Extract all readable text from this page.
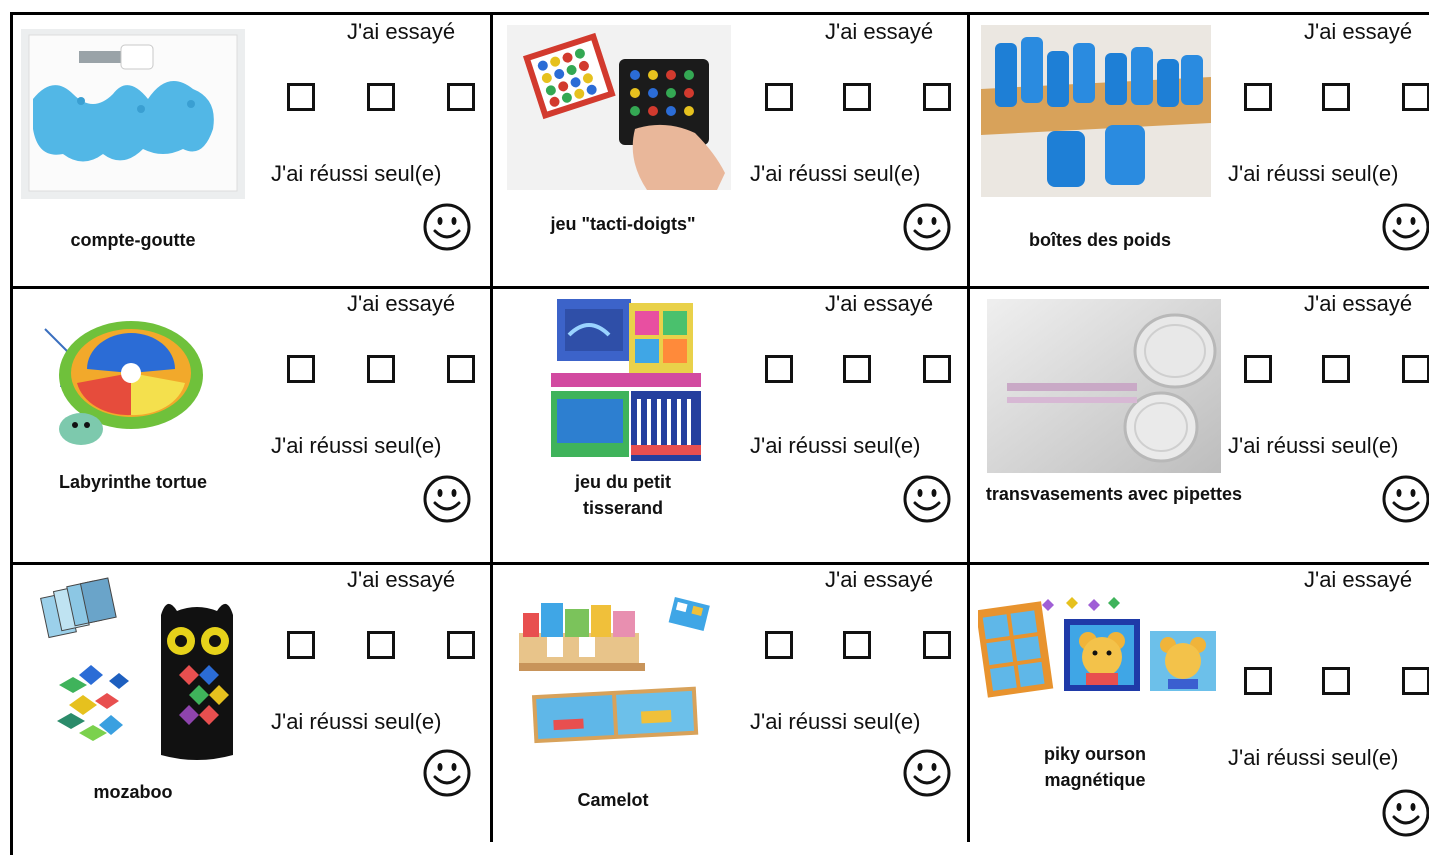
J'ai essayé
J'ai réussi seul(e)
compte-goutte
J'ai essayé
J'ai réussi seul(e)
jeu "tacti-doigts"
J'ai essayé
J'ai réussi seul(e)
boîtes des poids
J'ai essayé
J'ai réussi seul(e)
Labyrinthe tortue
J'ai essayé
J'ai réussi seul(e)
jeu du petit tisserand
J'ai essayé
J'ai réussi seul(e)
transvasements avec pipettes
J'ai essayé
J'ai réussi seul(e)
mozaboo
J'ai essayé
J'ai réussi seul(e)
Camelot
J'ai essayé
J'ai réussi seul(e)
piky ourson magnétique
